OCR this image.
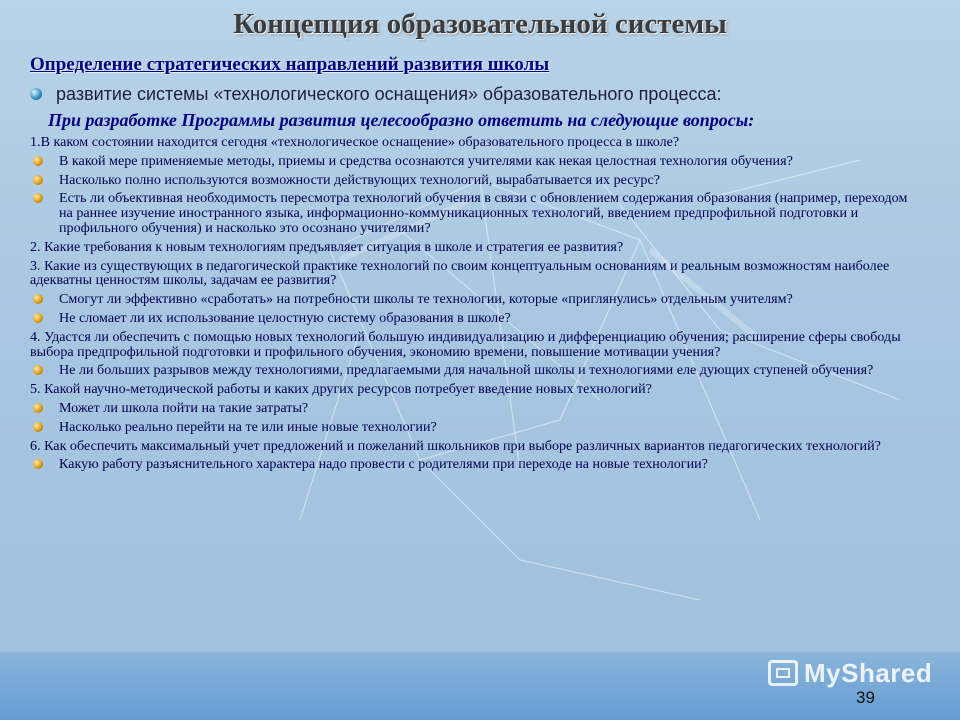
Концепция образовательной системы
Определение стратегических направлений развития школы
развитие системы «технологического оснащения» образовательного процесса:
При разработке Программы развития целесообразно ответить на следующие вопросы:
1.В каком состоянии находится сегодня «технологическое оснащение» образовательного процесса в школе?
В какой мере применяемые методы, приемы и средства осознаются учителями как некая целостная технология обучения?
Насколько полно используются возможности действующих технологий, вырабатывается их ресурс?
Есть ли объективная необходимость пересмотра технологий обучения в связи с обновлением содержания образования (например, переходом на раннее изучение иностранного языка, информационно-коммуникационных технологий, введением предпрофильной подготовки и профильного обучения) и насколько это осознано учителями?
2. Какие требования к новым технологиям предъявляет ситуация в школе и стратегия ее развития?
3. Какие из существующих в педагогической практике технологий по своим концептуальным основаниям и реальным возможностям наиболее адекватны ценностям школы, задачам ее развития?
Смогут ли эффективно «сработать» на потребности школы те технологии, которые «приглянулись» отдельным учителям?
Не сломает ли их использование целостную систему образования в школе?
4. Удастся ли обеспечить с помощью новых технологий большую индивидуализацию и дифференциацию обучения; расширение сферы свободы выбора предпрофильной подготовки и профильного обучения, экономию времени, повышение мотивации учения?
Не ли больших разрывов между технологиями, предлагаемыми для начальной школы и технологиями еле дующих ступеней обучения?
5. Какой научно-методической работы и каких других ресурсов потребует введение новых технологий?
Может ли школа пойти на такие затраты?
Насколько реально перейти на те или иные новые технологии?
6. Как обеспечить максимальный учет предложений и пожеланий школьников при выборе различных вариантов педагогических технологий?
Какую работу разъяснительного характера надо провести с родителями при переходе на новые технологии?
MyShared
39
